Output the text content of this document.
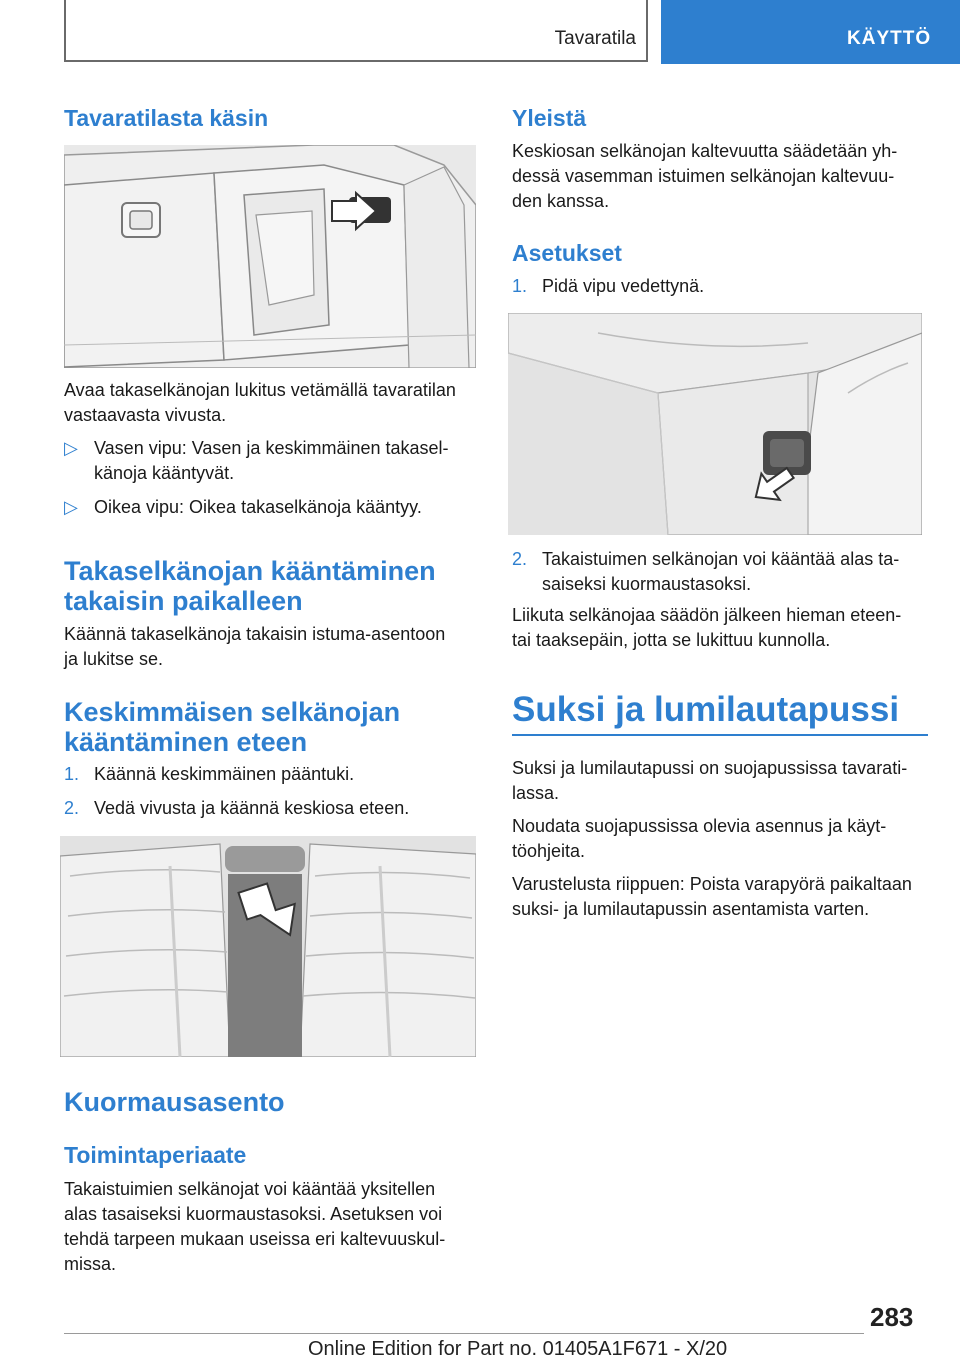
Tavaratila	KÄYTTÖ
Tavaratilasta käsin

Avaa takaselkänojan lukitus vetämällä tavaratilan
vastaavasta vivusta.

▷ Vasen vipu: Vasen ja keskimmäinen takasel-
känoja kääntyvät.
▷ Oikea vipu: Oikea takaselkänoja kääntyy.
Takaselkänojan kääntäminen
takaisin paikalleen

Käännä takaselkänoja takaisin istuma-asentoon
ja lukitse se.

Keskimmäisen selkänojan
kääntäminen eteen
1. Käännä keskimmäinen pääntuki.
2. Vedä vivusta ja käännä keskiosa eteen.
Kuormausasento
Toimintaperiaate

Takaistuimien selkänojat voi kääntää yksitellen
alas tasaiseksi kuormaustasoksi. Asetuksen voi
tehdä tarpeen mukaan useissa eri kaltevuuskul-
missa.

Yleistä

Keskiosan selkänojan kaltevuutta säädetään yh-
dessä vasemman istuimen selkänojan kaltevuu-
den kanssa.

Asetukset
1. Pidä vipu vedettynä.
2. Takaistuimen selkänojan voi kääntää alas ta-
saiseksi kuormaustasoksi.

Liikuta selkänojaa säädön jälkeen hieman eteen-
tai taaksepäin, jotta se lukittuu kunnolla.

Suksi ja lumilautapussi

Suksi ja lumilautapussi on suojapussissa tavarati-
lassa.

Noudata suojapussissa olevia asennus ja käyt-
töohjeita.

Varustelusta riippuen: Poista varapyörä paikaltaan
suksi- ja lumilautapussin asentamista varten.

283
Online Edition for Part no. 01405A1F671 - X/20
